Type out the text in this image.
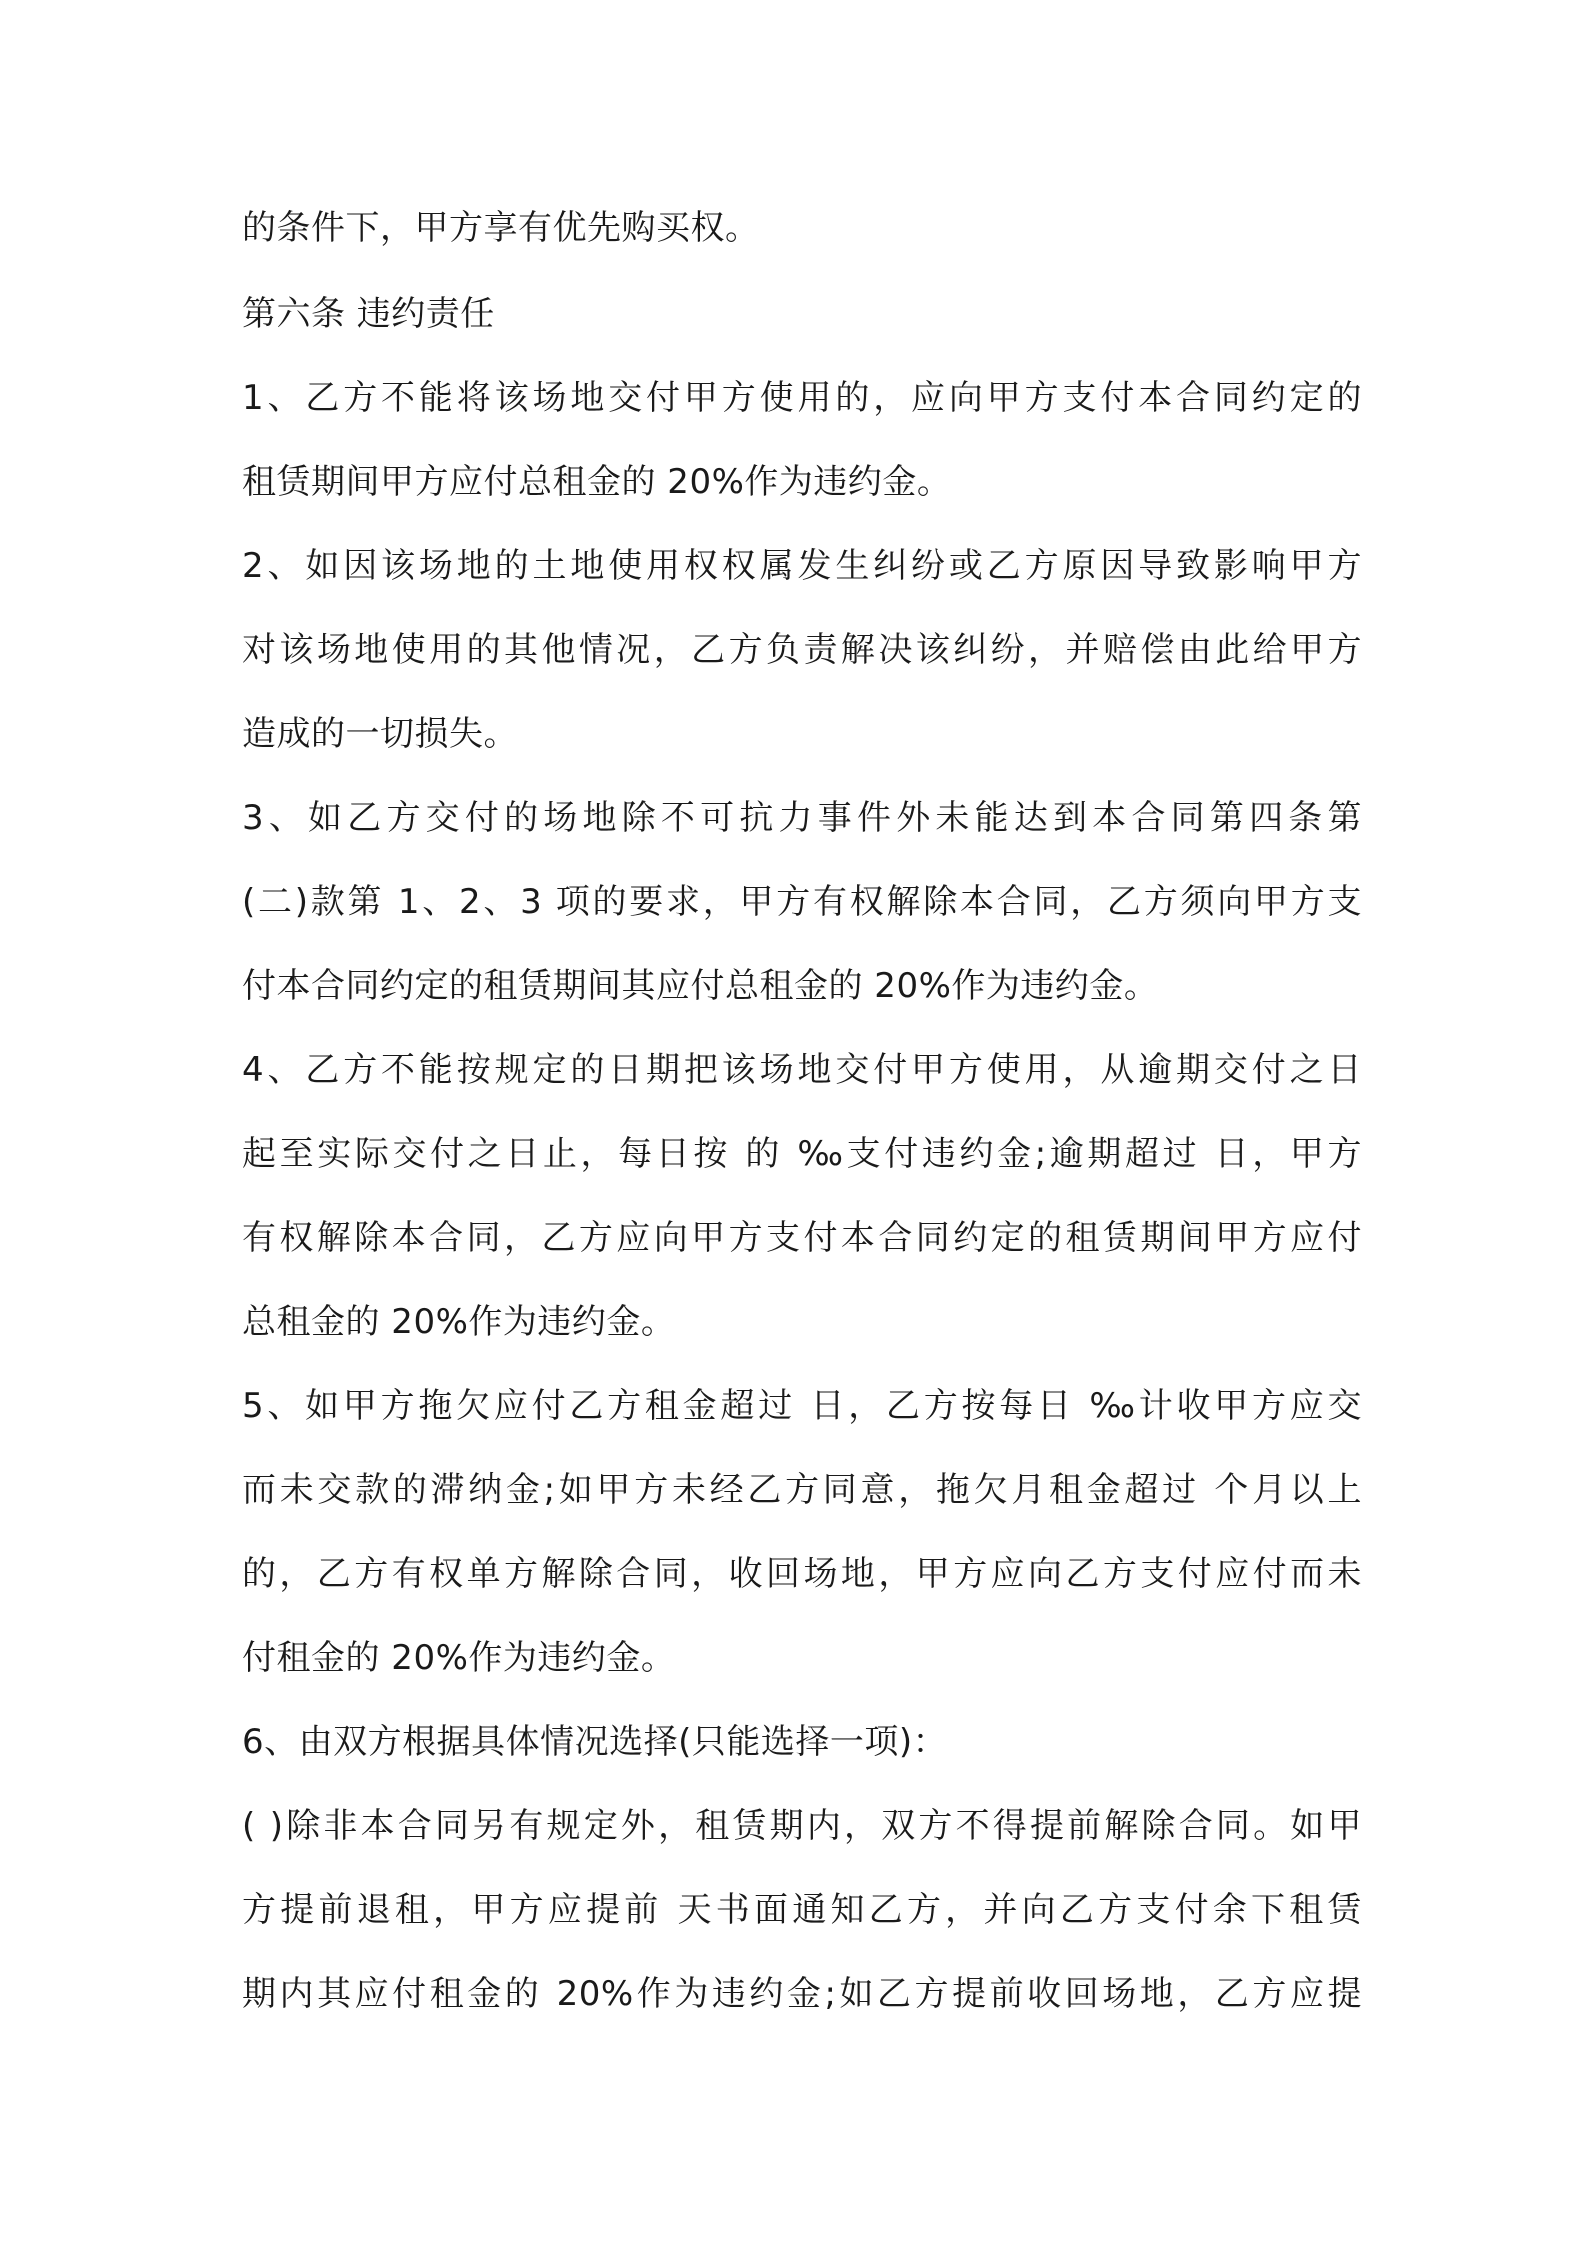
的条件下，甲方享有优先购买权。
第六条 违约责任
1、乙方不能将该场地交付甲方使用的，应向甲方支付本合同约定的
租赁期间甲方应付总租金的 20%作为违约金。
2、如因该场地的土地使用权权属发生纠纷或乙方原因导致影响甲方
对该场地使用的其他情况，乙方负责解决该纠纷，并赔偿由此给甲方
造成的一切损失。
3、如乙方交付的场地除不可抗力事件外未能达到本合同第四条第
(二)款第 1、2、3 项的要求，甲方有权解除本合同，乙方须向甲方支
付本合同约定的租赁期间其应付总租金的 20%作为违约金。
4、乙方不能按规定的日期把该场地交付甲方使用，从逾期交付之日
起至实际交付之日止，每日按 的 ‰支付违约金;逾期超过 日，甲方
有权解除本合同，乙方应向甲方支付本合同约定的租赁期间甲方应付
总租金的 20%作为违约金。
5、如甲方拖欠应付乙方租金超过 日，乙方按每日 ‰计收甲方应交
而未交款的滞纳金;如甲方未经乙方同意，拖欠月租金超过 个月以上
的，乙方有权单方解除合同，收回场地，甲方应向乙方支付应付而未
付租金的 20%作为违约金。
6、由双方根据具体情况选择(只能选择一项)：
( )除非本合同另有规定外，租赁期内，双方不得提前解除合同。如甲
方提前退租，甲方应提前 天书面通知乙方，并向乙方支付余下租赁
期内其应付租金的 20%作为违约金;如乙方提前收回场地，乙方应提
